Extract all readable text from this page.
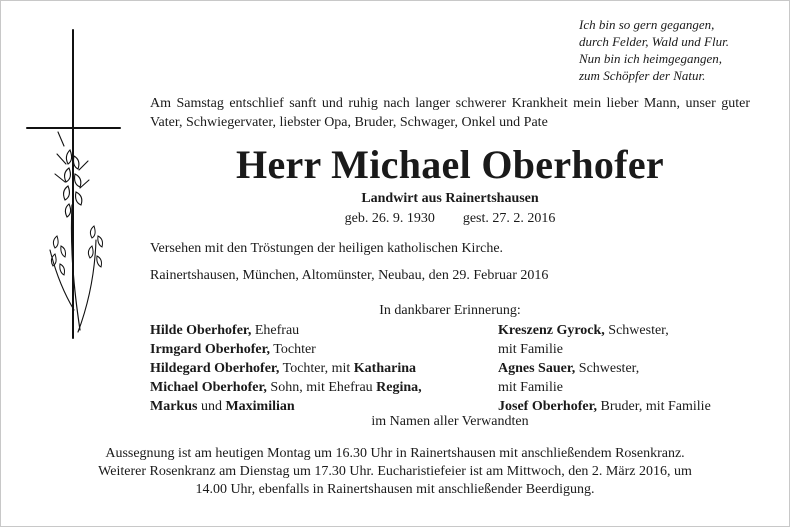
Ich bin so gern gegangen,
durch Felder, Wald und Flur.
Nun bin ich heimgegangen,
zum Schöpfer der Natur.
Am Samstag entschlief sanft und ruhig nach langer schwerer Krankheit mein lieber Mann, unser guter Vater, Schwiegervater, liebster Opa, Bruder, Schwager, Onkel und Pate
Herr Michael Oberhofer
Landwirt aus Rainertshausen
geb. 26. 9. 1930 gest. 27. 2. 2016
Versehen mit den Tröstungen der heiligen katholischen Kirche.
Rainertshausen, München, Altomünster, Neubau, den 29. Februar 2016
In dankbarer Erinnerung:
Hilde Oberhofer, Ehefrau
Irmgard Oberhofer, Tochter
Hildegard Oberhofer, Tochter, mit Katharina
Michael Oberhofer, Sohn, mit Ehefrau Regina,
Markus und Maximilian
Kreszenz Gyrock, Schwester,
mit Familie
Agnes Sauer, Schwester,
mit Familie
Josef Oberhofer, Bruder, mit Familie
im Namen aller Verwandten
Aussegnung ist am heutigen Montag um 16.30 Uhr in Rainertshausen mit anschließendem Rosenkranz.
Weiterer Rosenkranz am Dienstag um 17.30 Uhr. Eucharistiefeier ist am Mittwoch, den 2. März 2016, um
14.00 Uhr, ebenfalls in Rainertshausen mit anschließender Beerdigung.
